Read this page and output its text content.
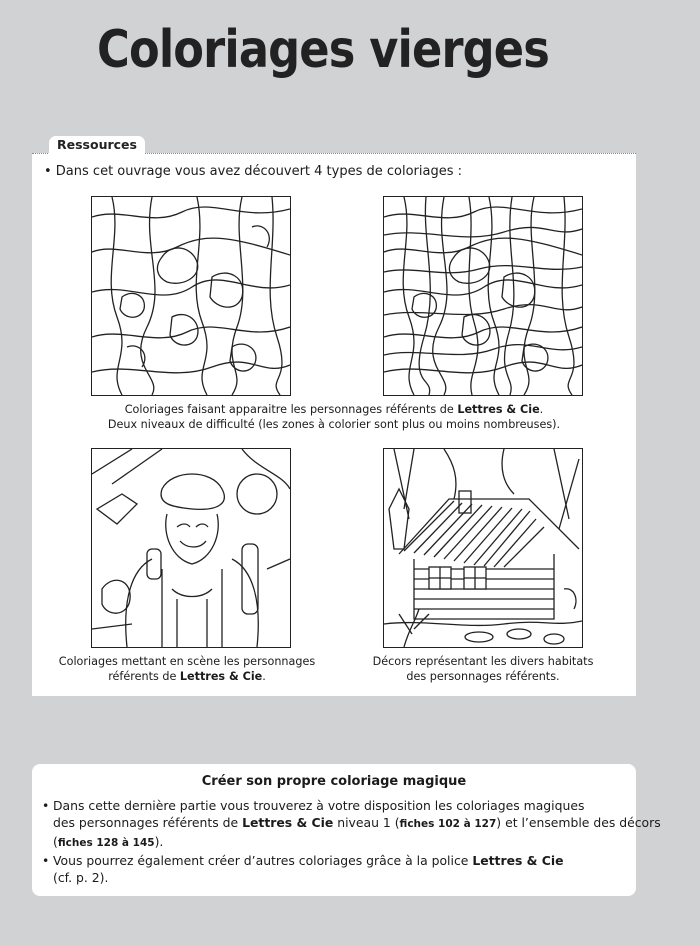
Coloriages vierges
Ressources
• Dans cet ouvrage vous avez découvert 4 types de coloriages :
Coloriages faisant apparaitre les personnages référents de Lettres & Cie.
Deux niveaux de difficulté (les zones à colorier sont plus ou moins nombreuses).
Coloriages mettant en scène les personnages
référents de Lettres & Cie.
Décors représentant les divers habitats
des personnages référents.
Créer son propre coloriage magique
• Dans cette dernière partie vous trouverez à votre disposition les coloriages magiques
des personnages référents de Lettres & Cie niveau 1 (fiches 102 à 127) et l’ensemble des décors
(fiches 128 à 145).
• Vous pourrez également créer d’autres coloriages grâce à la police Lettres & Cie
(cf. p. 2).
